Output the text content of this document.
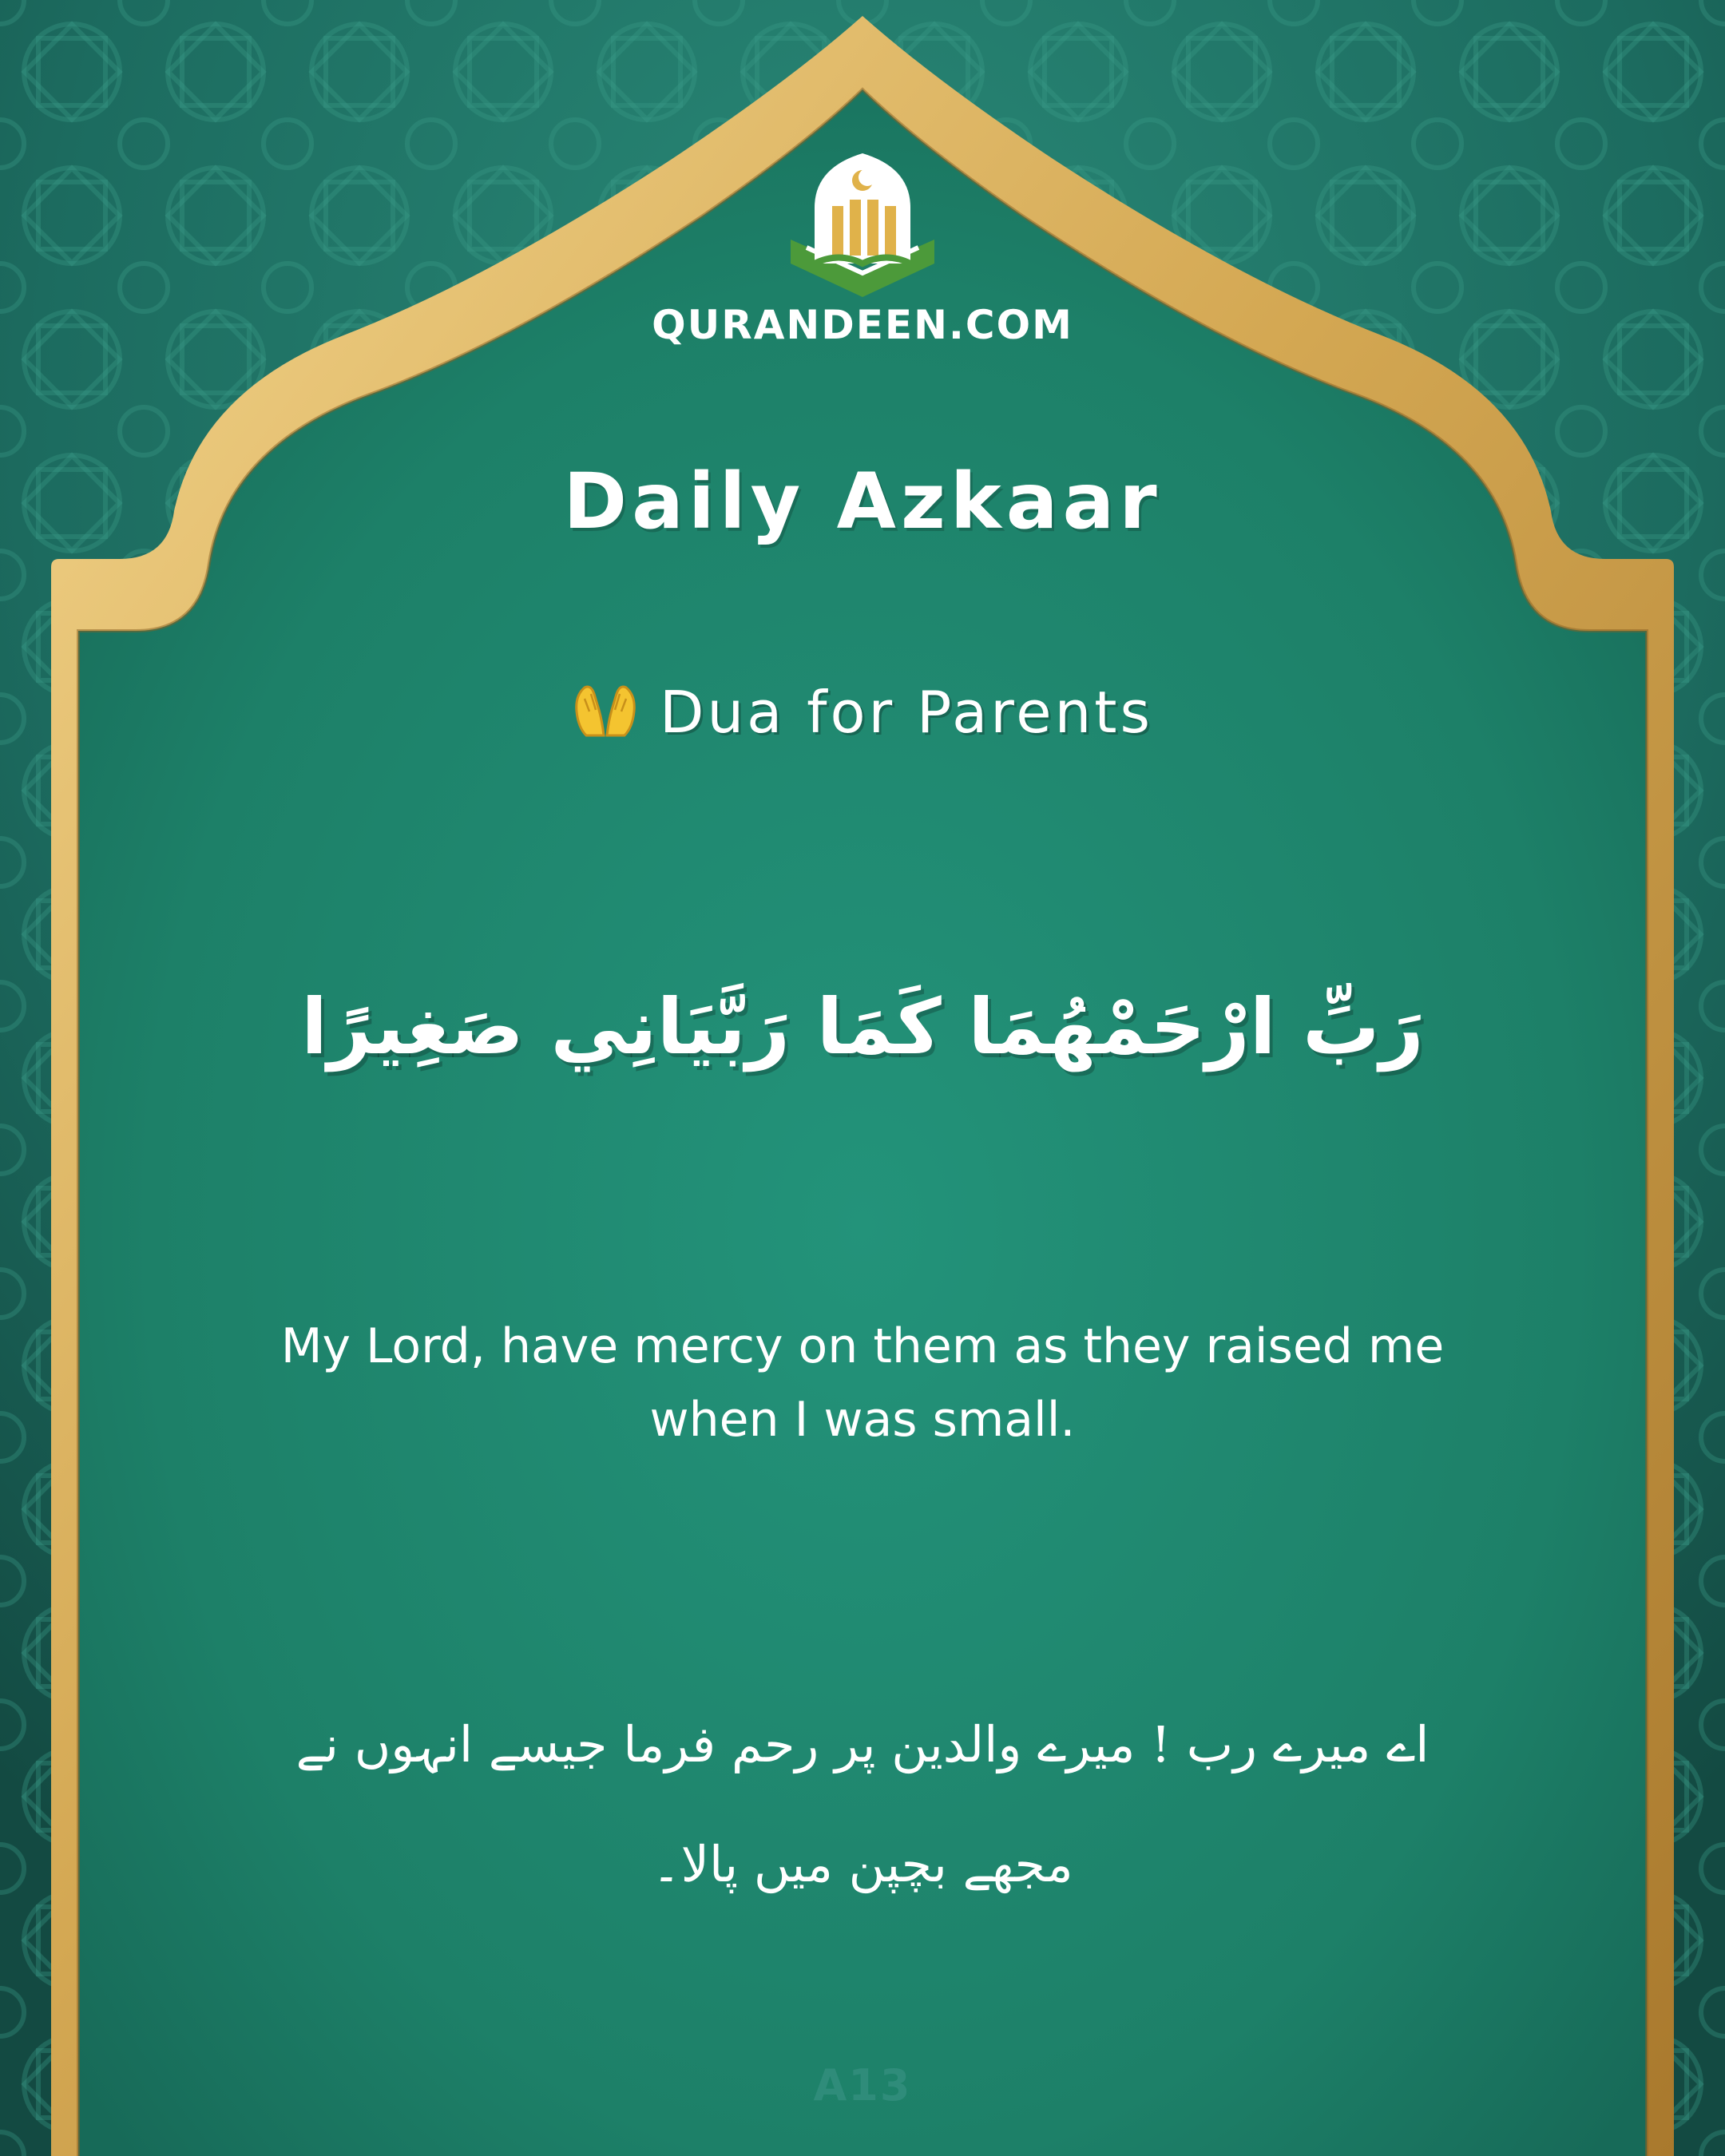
QURANDEEN.COM
Daily Azkaar
Dua for Parents
رَبِّ ارْحَمْهُمَا كَمَا رَبَّيَانِي صَغِيرًا
My Lord, have mercy on them as they raised me when I was small.
اے میرے رب ! میرے والدین پر رحم فرما جیسے انہوں نے مجھے بچپن میں پالا۔
A13
